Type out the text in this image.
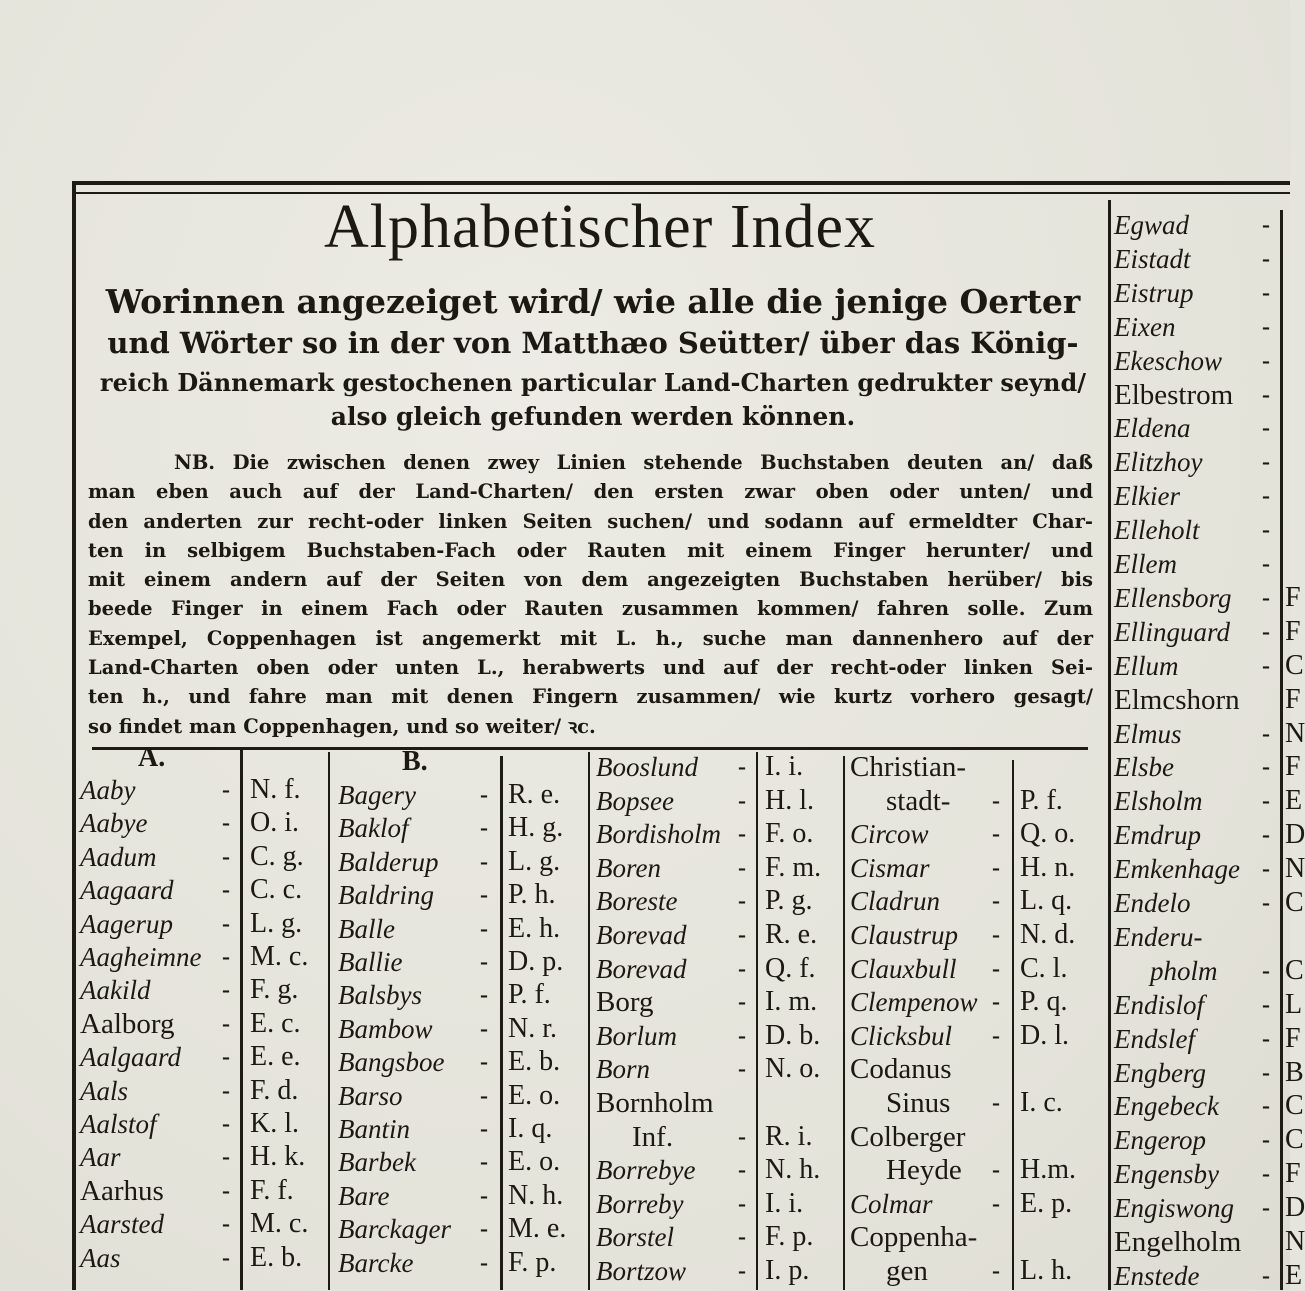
Alphabetischer Index
Worinnen angezeiget wird/ wie alle die jenige Oerter
und Wörter so in der von Matthæo Seütter/ über das König-
reich Dännemark gestochenen particular Land-Charten gedrukter seynd/
also gleich gefunden werden können.
NB. Die zwischen denen zwey Linien stehende Buchstaben deuten an/ daß
man eben auch auf der Land-Charten/ den ersten zwar oben oder unten/ und
den anderten zur recht-oder linken Seiten suchen/ und sodann auf ermeldter Char-
ten in selbigem Buchstaben-Fach oder Rauten mit einem Finger herunter/ und
mit einem andern auf der Seiten von dem angezeigten Buchstaben herüber/ bis
beede Finger in einem Fach oder Rauten zusammen kommen/ fahren solle. Zum
Exempel, Coppenhagen ist angemerkt mit L. h., suche man dannenhero auf der
Land-Charten oben oder unten L., herabwerts und auf der recht-oder linken Sei-
ten h., und fahre man mit denen Fingern zusammen/ wie kurtz vorhero gesagt/
so findet man Coppenhagen, und so weiter/ ꝛc.
A.	B.
Aaby	- N. f.
Aabye	- O. i.
Aadum	- C. g.
Aagaard - C. c.
Aagerup - L. g.
Aagheimne - M. c.
Aakild	- F. g.
Aalborg - E. c.
Aalgaard - E. e.
Aals	- F. d.
Aalstof	- K. l.
Aar	- H. k.
Aarhus - F. f.
Aarsted - M. c.
Aas	- E. b.
Bagery	- R. e.
Baklof	- H. g.
Balderup - L. g.
Baldring - P. h.
Balle	- E. h.
Ballie	- D. p.
Balsbys - P. f.
Bambow - N. r.
Bangsboe - E. b.
Barso	- E. o.
Bantin	- I. q.
Barbek	- E. o.
Bare	- N. h.
Barckager - M. e.
Barcke	- F. p.
Booslund - I. i.
Bopsee	- H. l.
Bordisholm - F. o.
Boren	- F. m.
Boreste	- P. g.
Borevad - R. e.
Borevad - Q. f.
Borg	- I. m.
Borlum	- D. b.
Born	- N. o.
Bornholm
Inf.	- R. i.
Borrebye - N. h.
Borreby - I. i.
Borstel	- F. p.
Bortzow - I. p.
Christian-
stadt- - P. f.
Circow	- Q. o.
Cismar	- H. n.
Cladrun - L. q.
Claustrup - N. d.
Clauxbull - C. l.
Clempenow - P. q.
Clicksbul - D. l.
Codanus
Sinus - I. c.
Colberger
Heyde - H.m.
Colmar - E. p.
Coppenha-
gen	- L. h.
Egwad	-
Eistadt	-
Eistrup	-
Eixen	-
Ekeschow -
Elbestrom -
Eldena	-
Elitzhoy -
Elkier	-
Elleholt	-
Ellem	-
Ellensborg - F
Ellinguard - F
Ellum	- C
Elmcshorn F
Elmus	- N
Elsbe	- F
Elsholm - E
Emdrup	- D
Emkenhage - N
Endelo	- C
Enderu-
pholm - C
Endislof - L
Endslef	- F
Engberg - B
Engebeck - C
Engerop - C
Engensby - F
Engiswong - D
Engelholm N
Enstede	- E
